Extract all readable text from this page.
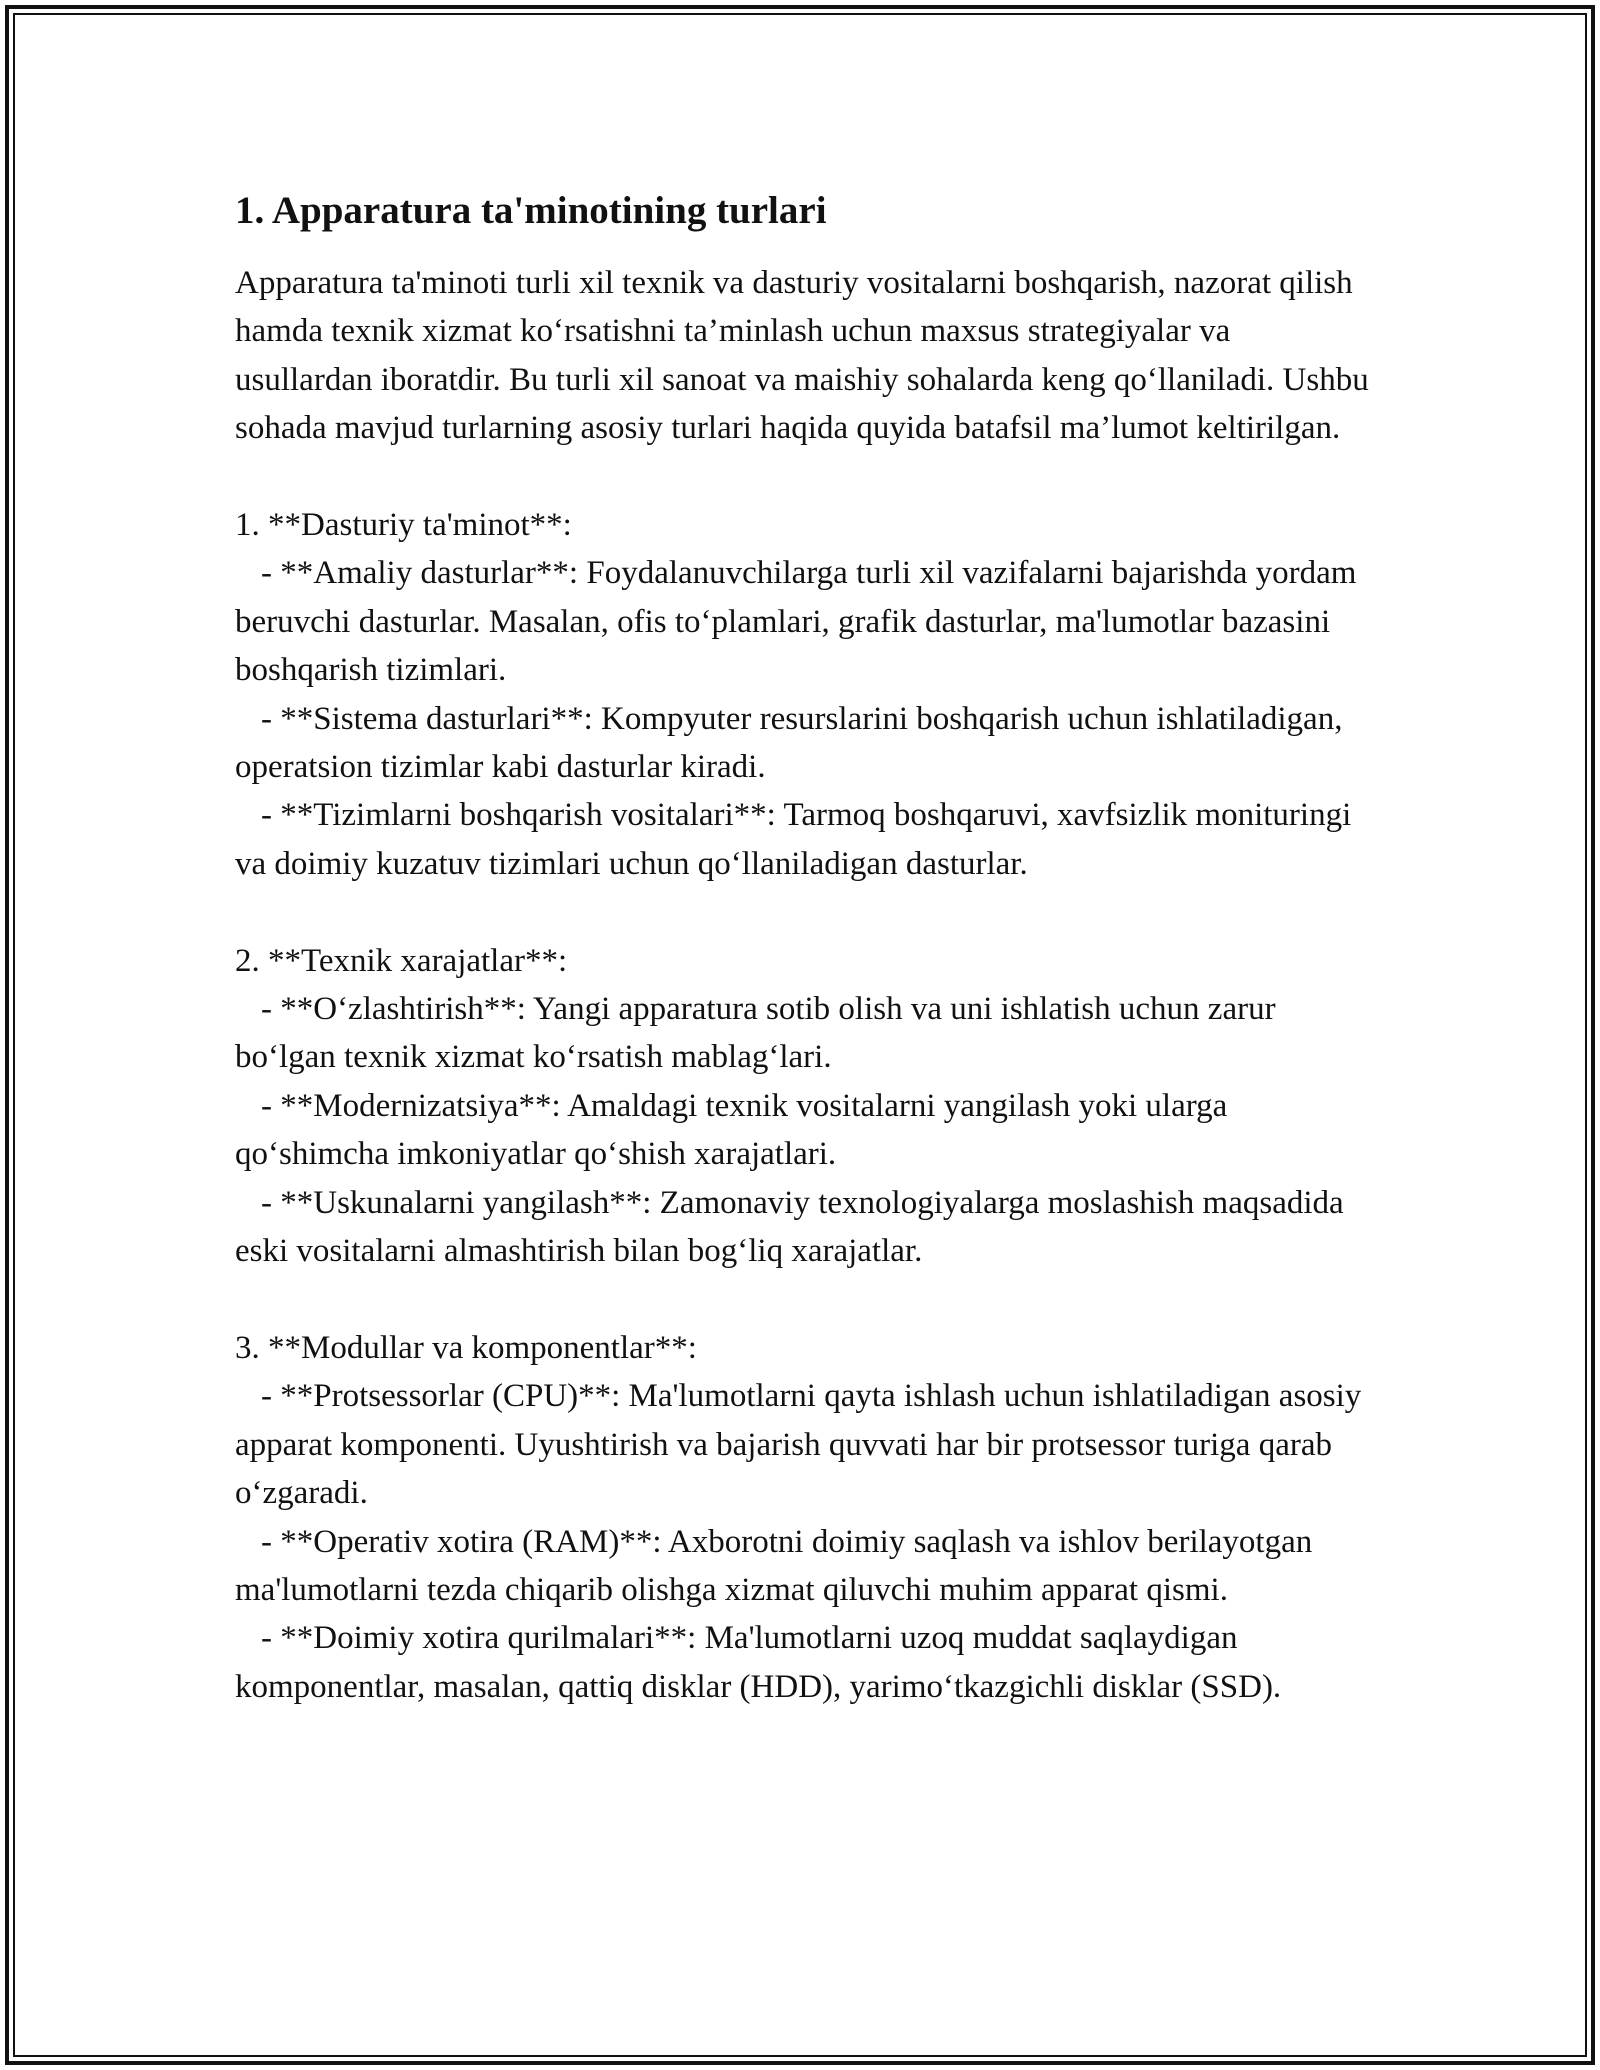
1. Apparatura ta'minotining turlari

Apparatura ta'minoti turli xil texnik va dasturiy vositalarni boshqarish, nazorat qilish hamda texnik xizmat ko‘rsatishni ta’minlash uchun maxsus strategiyalar va usullardan iboratdir. Bu turli xil sanoat va maishiy sohalarda keng qo‘llaniladi. Ushbu sohada mavjud turlarning asosiy turlari haqida quyida batafsil ma’lumot keltirilgan.

1. **Dasturiy ta'minot**:

- **Amaliy dasturlar**: Foydalanuvchilarga turli xil vazifalarni bajarishda yordam beruvchi dasturlar. Masalan, ofis to‘plamlari, grafik dasturlar, ma'lumotlar bazasini boshqarish tizimlari.

- **Sistema dasturlari**: Kompyuter resurslarini boshqarish uchun ishlatiladigan, operatsion tizimlar kabi dasturlar kiradi.

- **Tizimlarni boshqarish vositalari**: Tarmoq boshqaruvi, xavfsizlik monituringi va doimiy kuzatuv tizimlari uchun qo‘llaniladigan dasturlar.

2. **Texnik xarajatlar**:

- **O‘zlashtirish**: Yangi apparatura sotib olish va uni ishlatish uchun zarur bo‘lgan texnik xizmat ko‘rsatish mablag‘lari.

- **Modernizatsiya**: Amaldagi texnik vositalarni yangilash yoki ularga qo‘shimcha imkoniyatlar qo‘shish xarajatlari.

- **Uskunalarni yangilash**: Zamonaviy texnologiyalarga moslashish maqsadida eski vositalarni almashtirish bilan bog‘liq xarajatlar.

3. **Modullar va komponentlar**:

- **Protsessorlar (CPU)**: Ma'lumotlarni qayta ishlash uchun ishlatiladigan asosiy apparat komponenti. Uyushtirish va bajarish quvvati har bir protsessor turiga qarab o‘zgaradi.

- **Operativ xotira (RAM)**: Axborotni doimiy saqlash va ishlov berilayotgan ma'lumotlarni tezda chiqarib olishga xizmat qiluvchi muhim apparat qismi.

- **Doimiy xotira qurilmalari**: Ma'lumotlarni uzoq muddat saqlaydigan komponentlar, masalan, qattiq disklar (HDD), yarimo‘tkazgichli disklar (SSD).
